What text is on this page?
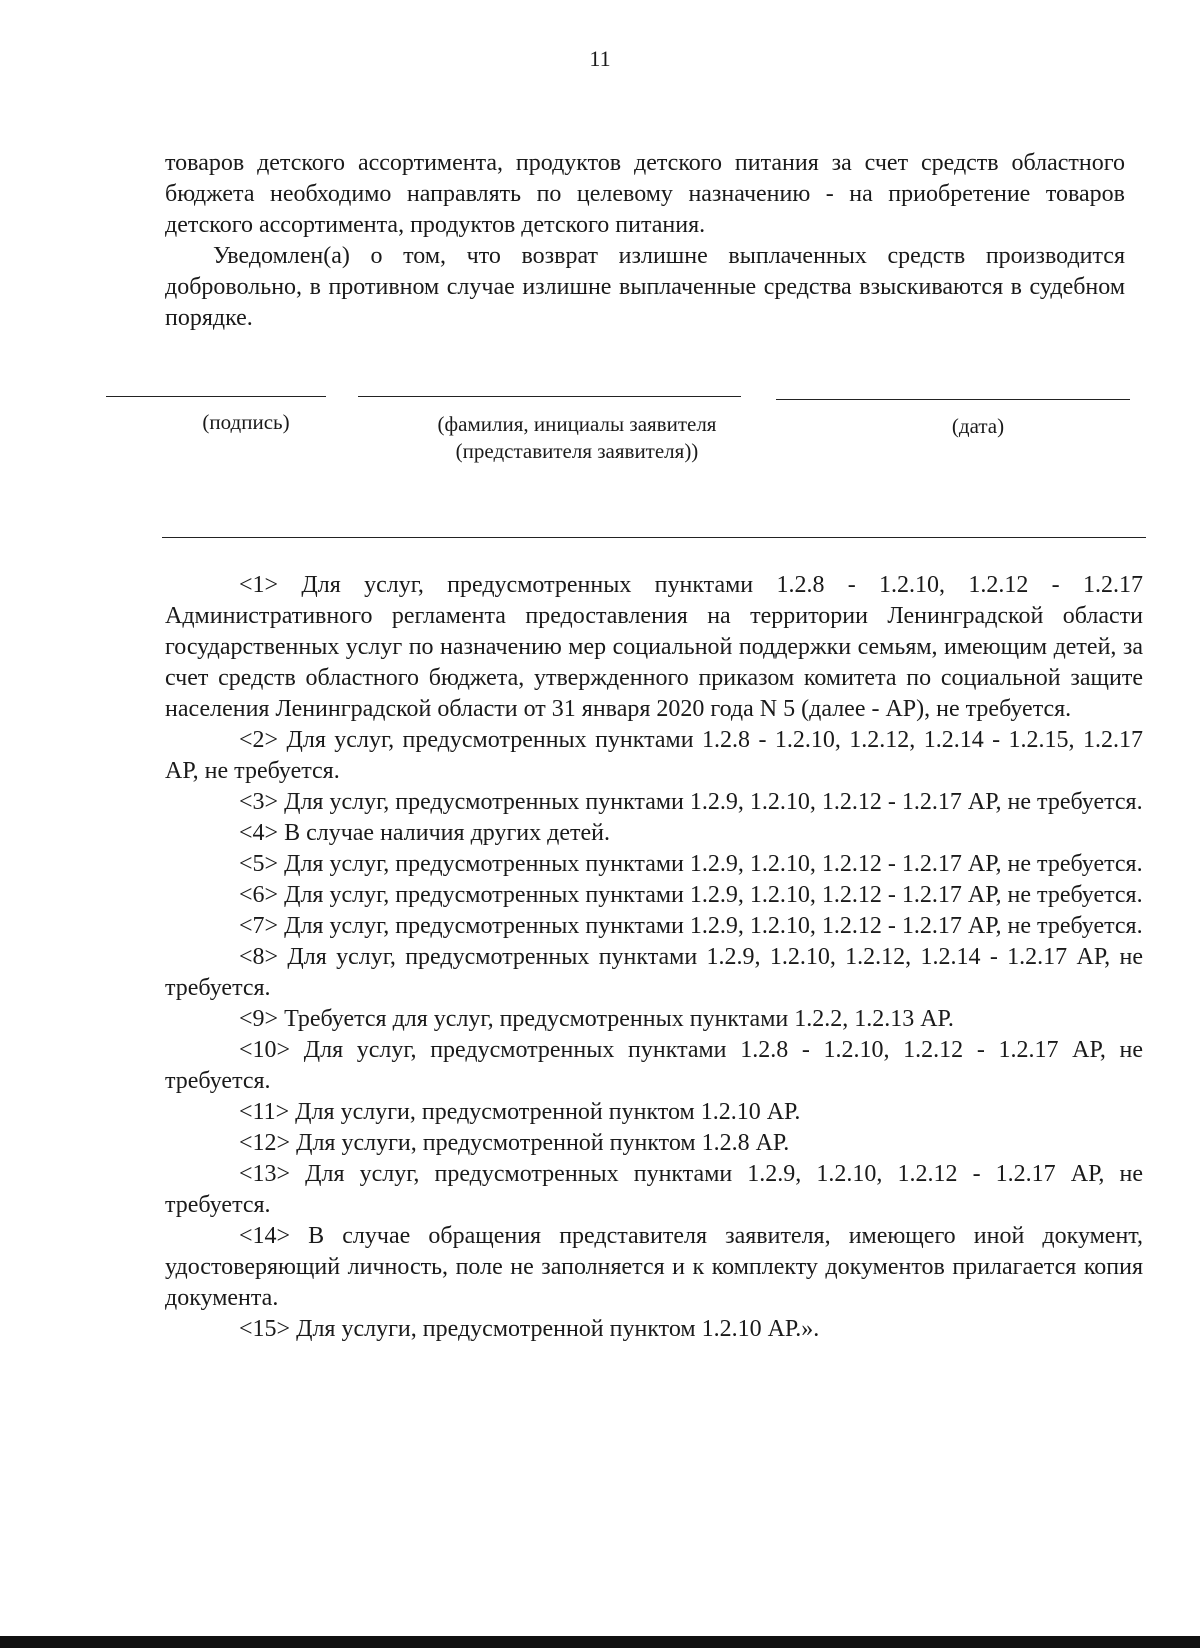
11

товаров детского ассортимента, продуктов детского питания за счет средств областного бюджета необходимо направлять по целевому назначению - на приобретение товаров детского ассортимента, продуктов детского питания.

Уведомлен(а) о том, что возврат излишне выплаченных средств производится добровольно, в противном случае излишне выплаченные средства взыскиваются в судебном порядке.

(подпись)	(фамилия, инициалы заявителя (представителя заявителя))
(дата)

<1> Для услуг, предусмотренных пунктами 1.2.8 - 1.2.10, 1.2.12 - 1.2.17 Административного регламента предоставления на территории Ленинградской области государственных услуг по назначению мер социальной поддержки семьям, имеющим детей, за счет средств областного бюджета, утвержденного приказом комитета по социальной защите населения Ленинградской области от 31 января 2020 года N 5 (далее - АР), не требуется.

<2> Для услуг, предусмотренных пунктами 1.2.8 - 1.2.10, 1.2.12, 1.2.14 - 1.2.15, 1.2.17 АР, не требуется.

<3> Для услуг, предусмотренных пунктами 1.2.9, 1.2.10, 1.2.12 - 1.2.17 АР, не требуется.

<4> В случае наличия других детей.

<5> Для услуг, предусмотренных пунктами 1.2.9, 1.2.10, 1.2.12 - 1.2.17 АР, не требуется.

<6> Для услуг, предусмотренных пунктами 1.2.9, 1.2.10, 1.2.12 - 1.2.17 АР, не требуется.

<7> Для услуг, предусмотренных пунктами 1.2.9, 1.2.10, 1.2.12 - 1.2.17 АР, не требуется.

<8> Для услуг, предусмотренных пунктами 1.2.9, 1.2.10, 1.2.12, 1.2.14 - 1.2.17 АР, не требуется.

<9> Требуется для услуг, предусмотренных пунктами 1.2.2, 1.2.13 АР.

<10> Для услуг, предусмотренных пунктами 1.2.8 - 1.2.10, 1.2.12 - 1.2.17 АР, не требуется.

<11> Для услуги, предусмотренной пунктом 1.2.10 АР.

<12> Для услуги, предусмотренной пунктом 1.2.8 АР.

<13> Для услуг, предусмотренных пунктами 1.2.9, 1.2.10, 1.2.12 - 1.2.17 АР, не требуется.

<14> В случае обращения представителя заявителя, имеющего иной документ, удостоверяющий личность, поле не заполняется и к комплекту документов прилагается копия документа.

<15> Для услуги, предусмотренной пунктом 1.2.10 АР.».
